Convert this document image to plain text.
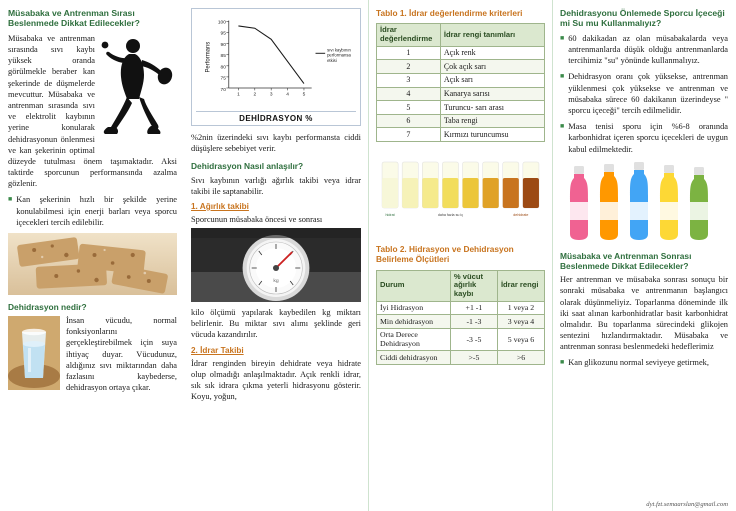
Müsabaka ve Antrenman Sırası Beslenmede Dikkat Edilecekler?

Müsabaka ve antrenman sırasında sıvı kaybı yüksek oranda görülmekle beraber kan şekerinde de düşmelerde mevcuttur. Müsabaka ve antrenman sırasında sıvı ve elektrolit kaybının yerine konularak dehidrasyonun önlenmesi ve kan şekerinin optimal düzeyde tutulması önem taşımaktadır. Aksi taktirde sporcunun performansında azalma gözlenir.

■ Kan şekerinin hızlı bir şekilde yerine konulabilmesi için enerji barları veya sporcu içecekleri tercih edilebilir.
Dehidrasyon nedir?

İnsan vücudu, normal fonksiyonlarını gerçekleştirebilmek için suya ihtiyaç duyar. Vücudunuz, aldığınız sıvı miktarından daha fazlasını kaybederse, dehidrasyon ortaya çıkar.

100
95
90
85
80
75
70
Performans
1	2	3	4	5
sıvı kaybının
performansa
etkisi
DEHİDRASYON %

%2nin üzerindeki sıvı kaybı performansta ciddi düşüşlere sebebiyet verir.

Dehidrasyon Nasıl anlaşılır?

Sıvı kaybının varlığı ağırlık takibi veya idrar takibi ile saptanabilir.

1. Ağırlık takibi

Sporcunun müsabaka öncesi ve sonrası

kg

kilo ölçümü yapılarak kaybedilen kg miktarı belirlenir. Bu miktar sıvı alımı şeklinde geri vücuda kazandırılır.

2. İdrar Takibi

İdrar renginden bireyin dehidrate veya hidrate olup olmadığı anlaşılmaktadır. Açık renkli idrar, sık sık idrara çıkma yeterli hidrasyonu gösterir. Koyu, yoğun,

Tablo 1. İdrar değerlendirme kriterleri
İdrar değerlendirme	İdrar rengi tanımları
1	Açık renk
2	Çok açık sarı
3	Açık sarı
4	Kanarya sarısı
5	Turuncu- sarı arası
6	Taba rengi
7	Kırmızı turuncumsu
hidrat	daha fazla su iç	dehidrate
Tablo 2. Hidrasyon ve Dehidrasyon Belirleme Ölçütleri
Durum	% vücut ağırlık kaybı	İdrar rengi
İyi Hidrasyon	+1 -1	1 veya 2
Min dehidrasyon	-1 -3	3 veya 4
Orta Derece Dehidrasyon	-3 -5	5 veya 6
Ciddi dehidrasyon	>-5	>6
Dehidrasyonu Önlemede Sporcu İçeceği mi Su mu Kullanmalıyız?
■ 60 dakikadan az olan müsabakalarda veya antrenmanlarda düşük olduğu antrenmanlarda tercihimiz "su" yönünde kullanmalıyız.
■ Dehidrasyon oranı çok yüksekse, antrenman yüklenmesi çok yüksekse ve antrenman ve müsabaka sürece 60 dakikanın üzerindeyse " sporcu içeceği" tercih edilmelidir.
■ Masa tenisi sporu için %6-8 oranında karbonhidrat içeren sporcu içecekleri de uygun kabul edilmektedir.
Müsabaka ve Antrenman Sonrası Beslenmede Dikkat Edilecekler?

Her antrenman ve müsabaka sonrası sonuçu bir sonraki müsabaka ve antrenmanın başlangıcı olarak düşünmeliyiz. Toparlanma döneminde ilk iki saat alınan karbonhidratlar basit karbonhidrat olmalıdır. Bu toparlanma sürecindeki glikojen sentezini hızlandırmaktadır. Müsabaka ve antrenman sonrası beslenmedeki hedeflerimiz

■ Kan glikozunu normal seviyeye getirmek,
dyt.fzt.semaarslan@gmail.com
